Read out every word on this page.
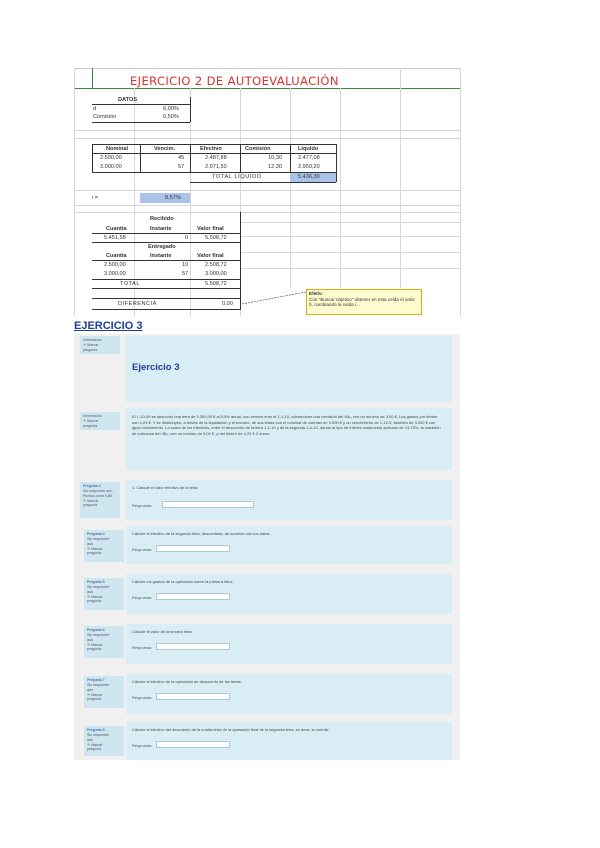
EJERCICIO 2 DE AUTOEVALUACIÓN
DATOS
d	6,00%
Comisión	0,50%
Nominal	Vencim.	Efectivo	Comisión	Líquido
2.500,00	45	2.487,88	10,30	2.477,08
3.000,00	57	2.971,50	12,30	2.959,20
TOTAL LÍQUIDO	5.436,30
i =	8,57%
Recibido
Cuantía	Instante	Valor final
5.451,58	0	5.508,72
Entregado
Cuantía	Instante	Valor final
2.500,00	10	2.508,72
3.000,00	57	3.000,00
TOTAL	5.508,72
DIFERENCIA	0,00
Efetiv:
Con "Buscar objetivo" obtener en esta celda el valor 0, cambiando la celda i...
EJERCICIO 3
Información
⚑ Marcar
pregunta
Ejercicio 3
Información
⚑ Marcar
pregunta
El 1-10-09 se descontó una letra de 5.300,00 € al 5,5% anual, con vencim ento el 1-1-10, cobrándose una comisión del 4‰, con un mínimo de 3,00 €. Los gastos por timbre son 4,23 €. Y se distribuyen, a través de la liquidación y el entorno, de sus letras con el nominal de cuentas en 3.000 € y un vencimiento de 1-12-9, también de 3.000 € con igual vencimiento. La suma de los efectivos, entre el descuento de la letra 1-1-10 y de la segunda 1-4-10, dando al tipo de interés compuesto aplicado de 13,75%, la comisión de cobranza del 4‰, con un mínimo de 3,00 €, y del timbre de 4,23 € 2 euros.
Pregunta 3
Sin responder aún
Puntúa como 0,80
⚑ Marcar
pregunta
1. Calcule el valor efectivo de la letra
Respuesta:
Pregunta 4
Sin responder
aún
⚑ Marcar
pregunta
Calcule el efectivo de la segunda letra, descontada, de acuerdo con los datos:
Respuesta:
Pregunta 5
Sin responder
aún
⚑ Marcar
pregunta
Calcule los gastos de la operación sobre la primera letra:
Respuesta:
Pregunta 6
Sin responder
aún
⚑ Marcar
pregunta
Calcule el valor de la tercera letra:
Respuesta:
Pregunta 7
Sin responder
aún
⚑ Marcar
pregunta
Calcule el efectivo de la operación de descuento de las letras:
Respuesta:
Pregunta 8
Sin responder
aún
⚑ Marcar
pregunta
Calcule el efectivo del descuento de la cuarta letra de la operación final de la segunda letra, es decir, la cuenta:
Respuesta:
